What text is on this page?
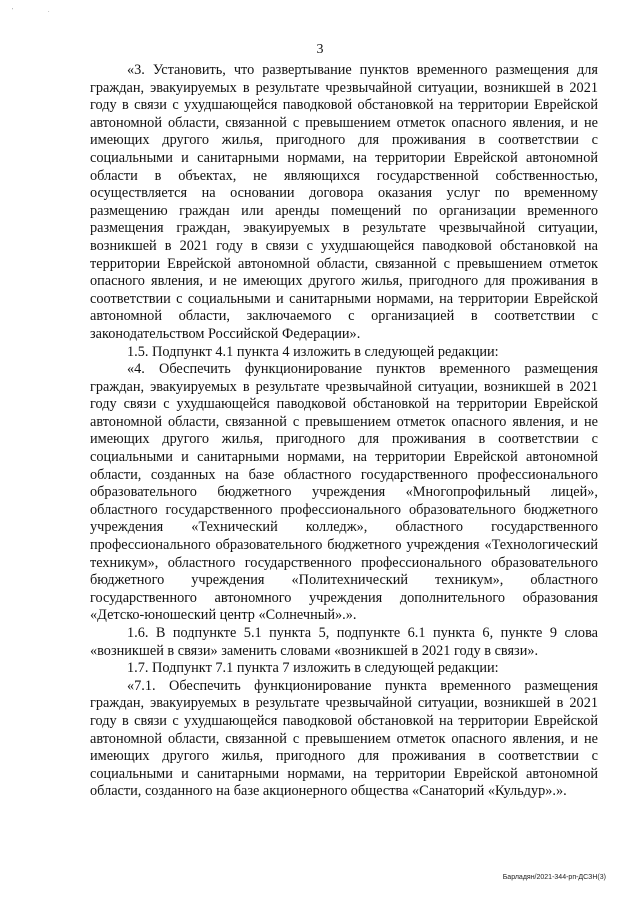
'	.
3

«3. Установить, что развертывание пунктов временного размещения для граждан, эвакуируемых в результате чрезвычайной ситуации, возникшей в 2021 году в связи с ухудшающейся паводковой обстановкой на территории Еврейской автономной области, связанной с превышением отметок опасного явления, и не имеющих другого жилья, пригодного для проживания в соответствии с социальными и санитарными нормами, на территории Еврейской автономной области в объектах, не являющихся государственной собственностью, осуществляется на основании договора оказания услуг по временному размещению граждан или аренды помещений по организации временного размещения граждан, эвакуируемых в результате чрезвычайной ситуации, возникшей в 2021 году в связи с ухудшающейся паводковой обстановкой на территории Еврейской автономной области, связанной с превышением отметок опасного явления, и не имеющих другого жилья, пригодного для проживания в соответствии с социальными и санитарными нормами, на территории Еврейской автономной области, заключаемого с организацией в соответствии с законодательством Российской Федерации».

1.5. Подпункт 4.1 пункта 4 изложить в следующей редакции:

«4. Обеспечить функционирование пунктов временного размещения граждан, эвакуируемых в результате чрезвычайной ситуации, возникшей в 2021 году связи с ухудшающейся паводковой обстановкой на территории Еврейской автономной области, связанной с превышением отметок опасного явления, и не имеющих другого жилья, пригодного для проживания в соответствии с социальными и санитарными нормами, на территории Еврейской автономной области, созданных на базе областного государственного профессионального образовательного бюджетного учреждения «Многопрофильный лицей», областного государственного профессионального образовательного бюджетного учреждения «Технический колледж», областного государственного профессионального образовательного бюджетного учреждения «Технологический техникум», областного государственного профессионального образовательного бюджетного учреждения «Политехнический техникум», областного государственного автономного учреждения дополнительного образования «Детско-юношеский центр «Солнечный».».

1.6. В подпункте 5.1 пункта 5, подпункте 6.1 пункта 6, пункте 9 слова «возникшей в связи» заменить словами «возникшей в 2021 году в связи».

1.7. Подпункт 7.1 пункта 7 изложить в следующей редакции:

«7.1. Обеспечить функционирование пункта временного размещения граждан, эвакуируемых в результате чрезвычайной ситуации, возникшей в 2021 году в связи с ухудшающейся паводковой обстановкой на территории Еврейской автономной области, связанной с превышением отметок опасного явления, и не имеющих другого жилья, пригодного для проживания в соответствии с социальными и санитарными нормами, на территории Еврейской автономной области, созданного на базе акционерного общества «Санаторий «Кульдур».».

Барладян/2021-344-рп-ДСЗН(3)
